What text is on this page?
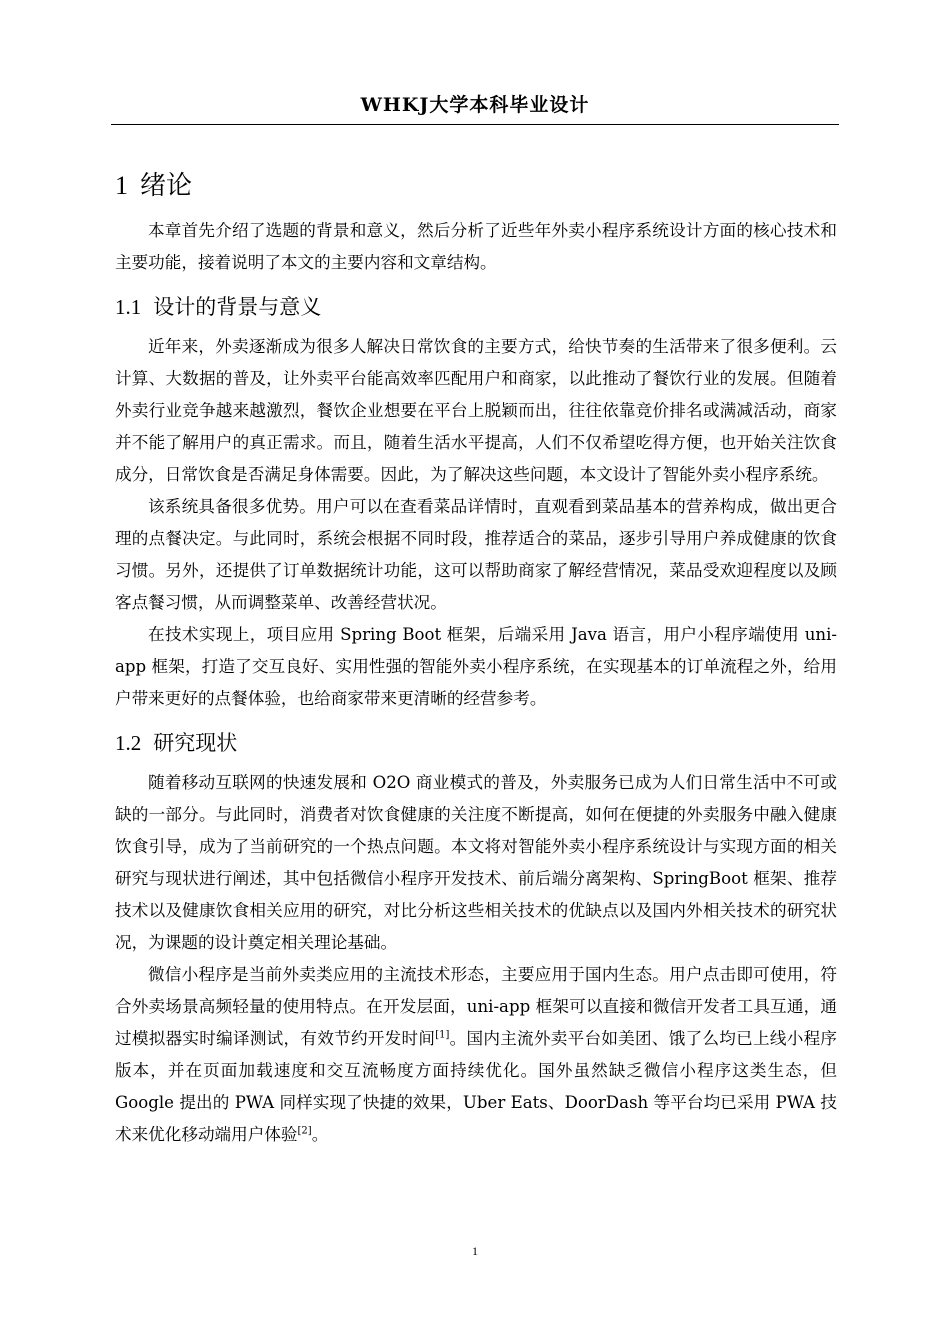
WHKJ大学本科毕业设计
1 绪论

本章首先介绍了选题的背景和意义，然后分析了近些年外卖小程序系统设计方面的核心技术和主要功能，接着说明了本文的主要内容和文章结构。

1.1 设计的背景与意义

近年来，外卖逐渐成为很多人解决日常饮食的主要方式，给快节奏的生活带来了很多便利。云计算、大数据的普及，让外卖平台能高效率匹配用户和商家，以此推动了餐饮行业的发展。但随着外卖行业竞争越来越激烈，餐饮企业想要在平台上脱颖而出，往往依靠竞价排名或满减活动，商家并不能了解用户的真正需求。而且，随着生活水平提高，人们不仅希望吃得方便，也开始关注饮食成分，日常饮食是否满足身体需要。因此，为了解决这些问题，本文设计了智能外卖小程序系统。

该系统具备很多优势。用户可以在查看菜品详情时，直观看到菜品基本的营养构成，做出更合理的点餐决定。与此同时，系统会根据不同时段，推荐适合的菜品，逐步引导用户养成健康的饮食习惯。另外，还提供了订单数据统计功能，这可以帮助商家了解经营情况，菜品受欢迎程度以及顾客点餐习惯，从而调整菜单、改善经营状况。

在技术实现上，项目应用 Spring Boot 框架，后端采用 Java 语言，用户小程序端使用 uni-app 框架，打造了交互良好、实用性强的智能外卖小程序系统，在实现基本的订单流程之外，给用户带来更好的点餐体验，也给商家带来更清晰的经营参考。

1.2 研究现状

随着移动互联网的快速发展和 O2O 商业模式的普及，外卖服务已成为人们日常生活中不可或缺的一部分。与此同时，消费者对饮食健康的关注度不断提高，如何在便捷的外卖服务中融入健康饮食引导，成为了当前研究的一个热点问题。本文将对智能外卖小程序系统设计与实现方面的相关研究与现状进行阐述，其中包括微信小程序开发技术、前后端分离架构、SpringBoot 框架、推荐技术以及健康饮食相关应用的研究，对比分析这些相关技术的优缺点以及国内外相关技术的研究状况，为课题的设计奠定相关理论基础。

微信小程序是当前外卖类应用的主流技术形态，主要应用于国内生态。用户点击即可使用，符合外卖场景高频轻量的使用特点。在开发层面，uni-app 框架可以直接和微信开发者工具互通，通过模拟器实时编译测试，有效节约开发时间[1]。国内主流外卖平台如美团、饿了么均已上线小程序版本，并在页面加载速度和交互流畅度方面持续优化。国外虽然缺乏微信小程序这类生态，但 Google 提出的 PWA 同样实现了快捷的效果，Uber Eats、DoorDash 等平台均已采用 PWA 技术来优化移动端用户体验[2]。

1
